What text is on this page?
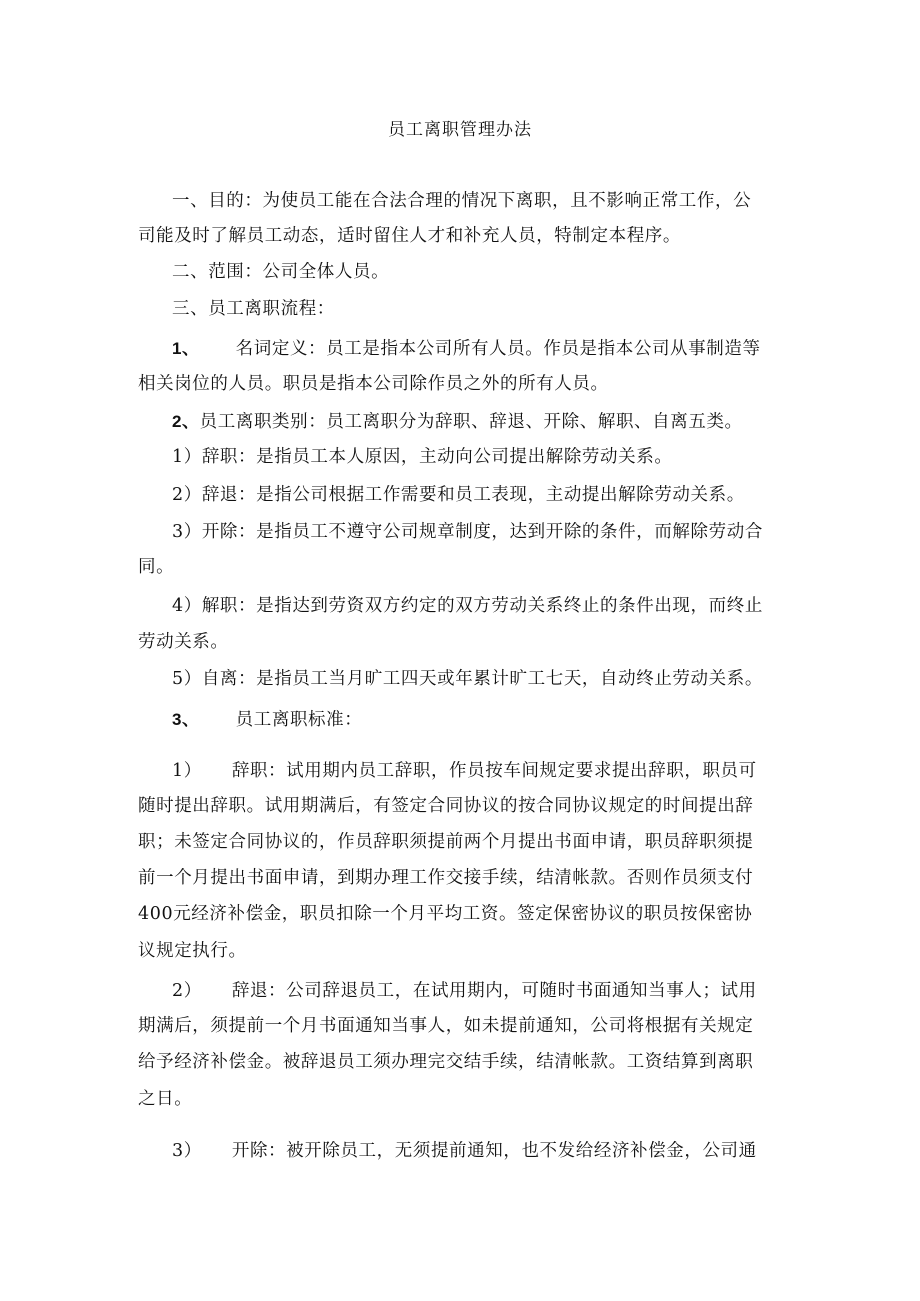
员工离职管理办法
一、目的：为使员工能在合法合理的情况下离职，且不影响正常工作，公
司能及时了解员工动态，适时留住人才和补充人员，特制定本程序。
二、范围：公司全体人员。
三、员工离职流程：
1、 名词定义：员工是指本公司所有人员。作员是指本公司从事制造等
相关岗位的人员。职员是指本公司除作员之外的所有人员。
2、员工离职类别：员工离职分为辞职、辞退、开除、解职、自离五类。
1）辞职：是指员工本人原因，主动向公司提出解除劳动关系。
2）辞退：是指公司根据工作需要和员工表现，主动提出解除劳动关系。
3）开除：是指员工不遵守公司规章制度，达到开除的条件，而解除劳动合
同。
4）解职：是指达到劳资双方约定的双方劳动关系终止的条件出现，而终止
劳动关系。
5）自离：是指员工当月旷工四天或年累计旷工七天，自动终止劳动关系。
3、 员工离职标准：
1） 辞职：试用期内员工辞职，作员按车间规定要求提出辞职，职员可
随时提出辞职。试用期满后，有签定合同协议的按合同协议规定的时间提出辞
职；未签定合同协议的，作员辞职须提前两个月提出书面申请，职员辞职须提
前一个月提出书面申请，到期办理工作交接手续，结清帐款。否则作员须支付
400元经济补偿金，职员扣除一个月平均工资。签定保密协议的职员按保密协
议规定执行。
2） 辞退：公司辞退员工，在试用期内，可随时书面通知当事人；试用
期满后，须提前一个月书面通知当事人，如未提前通知，公司将根据有关规定
给予经济补偿金。被辞退员工须办理完交结手续，结清帐款。工资结算到离职
之日。
3） 开除：被开除员工，无须提前通知，也不发给经济补偿金，公司通
